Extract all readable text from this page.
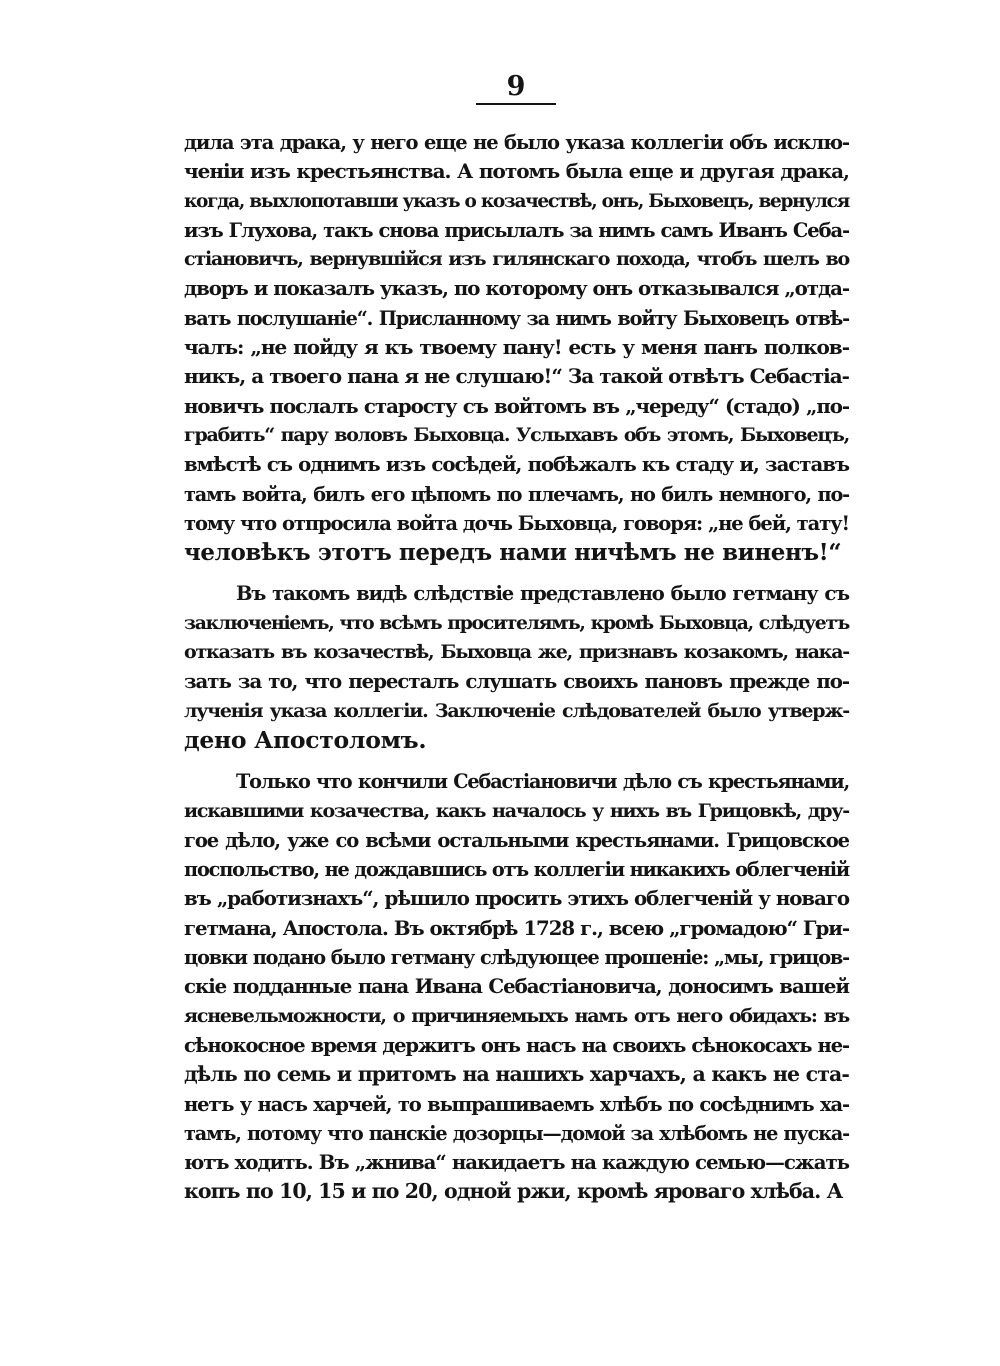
9
дила эта драка, у него еще не было указа коллегiи объ исклю-
ченiи изъ крестьянства. А потомъ была еще и другая драка,
когда, выхлопотавши указъ о козачествѣ, онъ, Быховецъ, вернулся
изъ Глухова, такъ снова присылалъ за нимъ самъ Иванъ Себа-
стiановичъ, вернувшiйся изъ гилянскаго похода, чтобъ шелъ во
дворъ и показалъ указъ, по которому онъ отказывался „отда-
вать послушанiе“. Присланному за нимъ войту Быховецъ отвѣ-
чалъ: „не пойду я къ твоему пану! есть у меня панъ полков-
никъ, а твоего пана я не слушаю!“ За такой отвѣтъ Себастiа-
новичъ послалъ старосту съ войтомъ въ „череду“ (стадо) „по-
грабить“ пару воловъ Быховца. Услыхавъ объ этомъ, Быховецъ,
вмѣстѣ съ однимъ изъ сосѣдей, побѣжалъ къ стаду и, заставъ
тамъ войта, билъ его цѣпомъ по плечамъ, но билъ немного, по-
тому что отпросила войта дочь Быховца, говоря: „не бей, тату!
человѣкъ этотъ передъ нами ничѣмъ не виненъ!“
Въ такомъ видѣ слѣдствiе представлено было гетману съ
заключенiемъ, что всѣмъ просителямъ, кромѣ Быховца, слѣдуетъ
отказать въ козачествѣ, Быховца же, признавъ козакомъ, нака-
зать за то, что пересталъ слушать своихъ пановъ прежде по-
лученiя указа коллегiи. Заключенiе слѣдователей было утверж-
дено Апостоломъ.
Только что кончили Себастiановичи дѣло съ крестьянами,
искавшими козачества, какъ началось у нихъ въ Грицовкѣ, дру-
гое дѣло, уже со всѣми остальными крестьянами. Грицовское
поспольство, не дождавшись отъ коллегiи никакихъ облегченiй
въ „работизнахъ“, рѣшило просить этихъ облегченiй у новаго
гетмана, Апостола. Въ октябрѣ 1728 г., всею „громадою“ Гри-
цовки подано было гетману слѣдующее прошенiе: „мы, грицов-
скiе подданные пана Ивана Себастiановича, доносимъ вашей
ясневельможности, о причиняемыхъ намъ отъ него обидахъ: въ
сѣнокосное время держитъ онъ насъ на своихъ сѣнокосахъ не-
дѣль по семь и притомъ на нашихъ харчахъ, а какъ не ста-
нетъ у насъ харчей, то выпрашиваемъ хлѣбъ по сосѣднимъ ха-
тамъ, потому что панскiе дозорцы—домой за хлѣбомъ не пуска-
ютъ ходить. Въ „жнива“ накидаетъ на каждую семью—сжать
копъ по 10, 15 и по 20, одной ржи, кромѣ яроваго хлѣба. А
